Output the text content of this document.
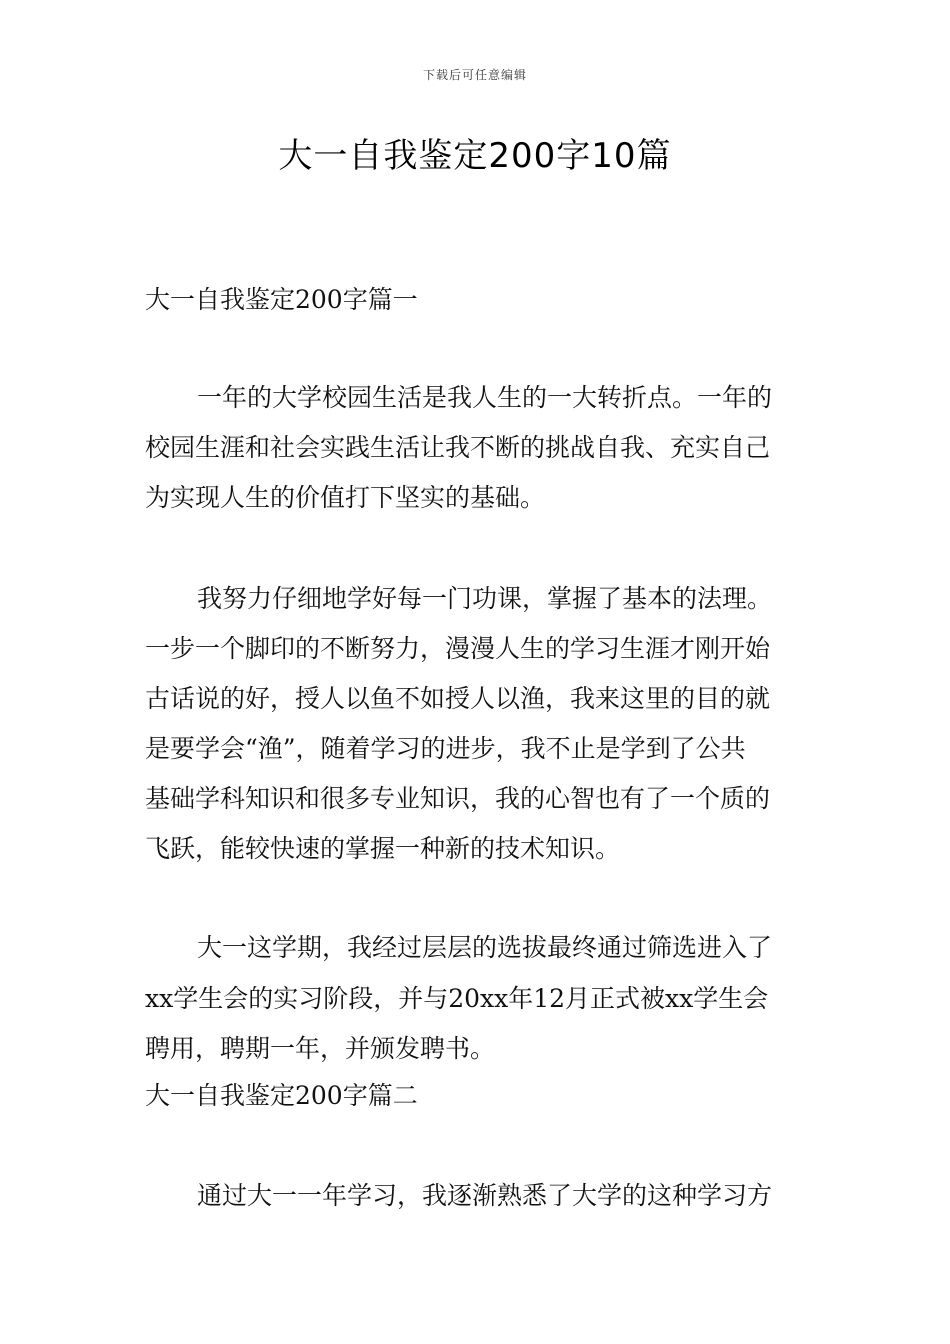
下载后可任意编辑
大一自我鉴定200字10篇
大一自我鉴定200字篇一
一年的大学校园生活是我人生的一大转折点。一年的
校园生涯和社会实践生活让我不断的挑战自我、充实自己
为实现人生的价值打下坚实的基础。
我努力仔细地学好每一门功课，掌握了基本的法理。
一步一个脚印的不断努力，漫漫人生的学习生涯才刚开始
古话说的好，授人以鱼不如授人以渔，我来这里的目的就
是要学会“渔”，随着学习的进步，我不止是学到了公共
基础学科知识和很多专业知识，我的心智也有了一个质的
飞跃，能较快速的掌握一种新的技术知识。
大一这学期，我经过层层的选拔最终通过筛选进入了
xx学生会的实习阶段，并与20xx年12月正式被xx学生会
聘用，聘期一年，并颁发聘书。
大一自我鉴定200字篇二
通过大一一年学习，我逐渐熟悉了大学的这种学习方
